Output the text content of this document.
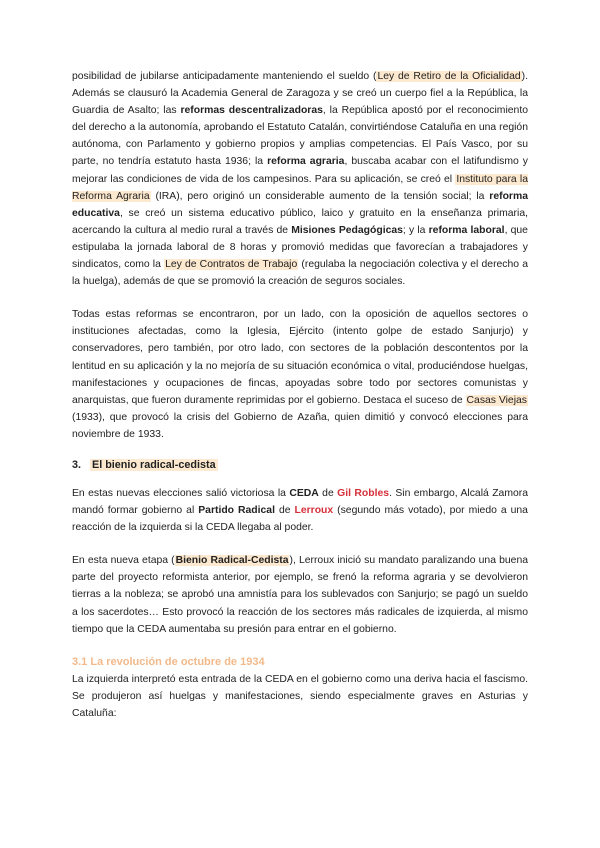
posibilidad de jubilarse anticipadamente manteniendo el sueldo (Ley de Retiro de la Oficialidad). Además se clausuró la Academia General de Zaragoza y se creó un cuerpo fiel a la República, la Guardia de Asalto; las reformas descentralizadoras, la República apostó por el reconocimiento del derecho a la autonomía, aprobando el Estatuto Catalán, convirtiéndose Cataluña en una región autónoma, con Parlamento y gobierno propios y amplias competencias. El País Vasco, por su parte, no tendría estatuto hasta 1936; la reforma agraria, buscaba acabar con el latifundismo y mejorar las condiciones de vida de los campesinos. Para su aplicación, se creó el Instituto para la Reforma Agraria (IRA), pero originó un considerable aumento de la tensión social; la reforma educativa, se creó un sistema educativo público, laico y gratuito en la enseñanza primaria, acercando la cultura al medio rural a través de Misiones Pedagógicas; y la reforma laboral, que estipulaba la jornada laboral de 8 horas y promovió medidas que favorecían a trabajadores y sindicatos, como la Ley de Contratos de Trabajo (regulaba la negociación colectiva y el derecho a la huelga), además de que se promovió la creación de seguros sociales.

Todas estas reformas se encontraron, por un lado, con la oposición de aquellos sectores o instituciones afectadas, como la Iglesia, Ejército (intento golpe de estado Sanjurjo) y conservadores, pero también, por otro lado, con sectores de la población descontentos por la lentitud en su aplicación y la no mejoría de su situación económica o vital, produciéndose huelgas, manifestaciones y ocupaciones de fincas, apoyadas sobre todo por sectores comunistas y anarquistas, que fueron duramente reprimidas por el gobierno. Destaca el suceso de Casas Viejas (1933), que provocó la crisis del Gobierno de Azaña, quien dimitió y convocó elecciones para noviembre de 1933.

3. El bienio radical-cedista

En estas nuevas elecciones salió victoriosa la CEDA de Gil Robles. Sin embargo, Alcalá Zamora mandó formar gobierno al Partido Radical de Lerroux (segundo más votado), por miedo a una reacción de la izquierda si la CEDA llegaba al poder.

En esta nueva etapa (Bienio Radical-Cedista), Lerroux inició su mandato paralizando una buena parte del proyecto reformista anterior, por ejemplo, se frenó la reforma agraria y se devolvieron tierras a la nobleza; se aprobó una amnistía para los sublevados con Sanjurjo; se pagó un sueldo a los sacerdotes… Esto provocó la reacción de los sectores más radicales de izquierda, al mismo tiempo que la CEDA aumentaba su presión para entrar en el gobierno.

3.1 La revolución de octubre de 1934

La izquierda interpretó esta entrada de la CEDA en el gobierno como una deriva hacia el fascismo. Se produjeron así huelgas y manifestaciones, siendo especialmente graves en Asturias y Cataluña:
